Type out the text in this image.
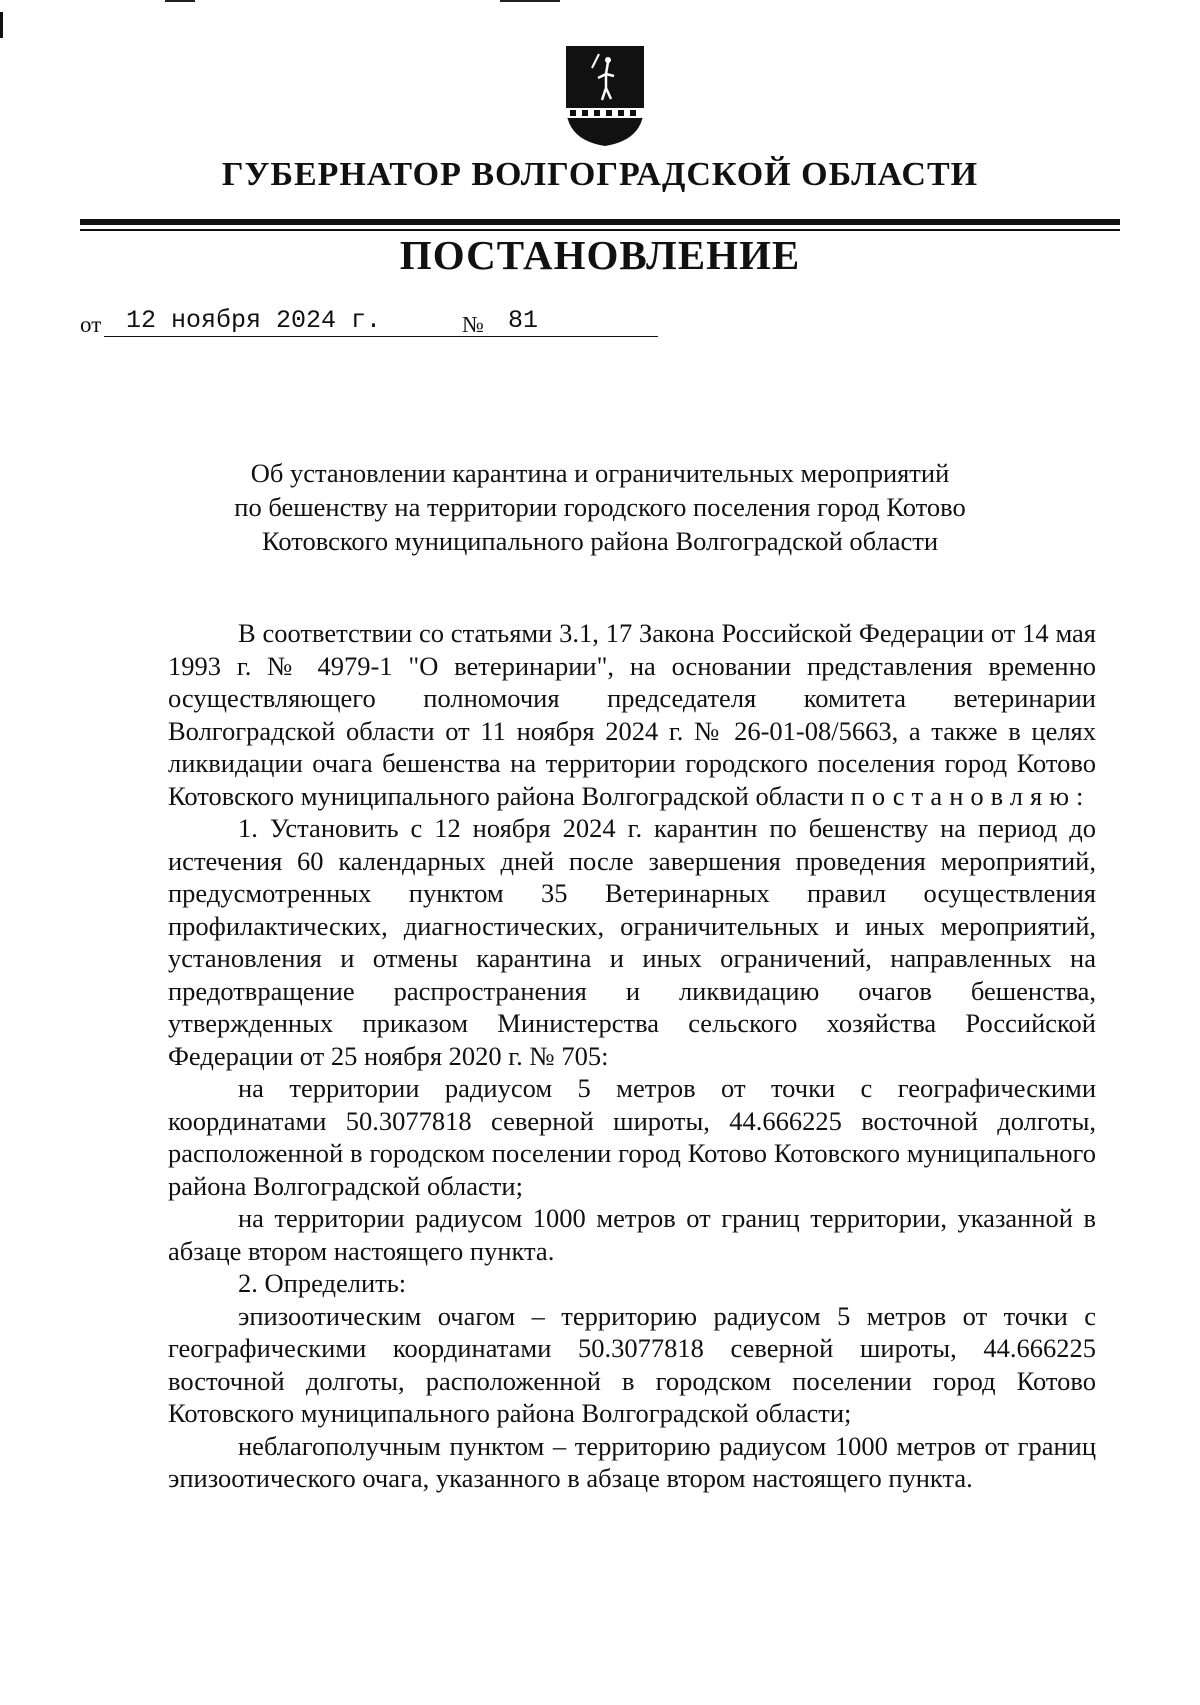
ГУБЕРНАТОР ВОЛГОГРАДСКОЙ ОБЛАСТИ
ПОСТАНОВЛЕНИЕ
от 12 ноября 2024 г.	№ 81
Об установлении карантина и ограничительных мероприятий
по бешенству на территории городского поселения город Котово
Котовского муниципального района Волгоградской области

В соответствии со статьями 3.1, 17 Закона Российской Федерации от 14 мая 1993 г. № 4979-1 "О ветеринарии", на основании представления временно осуществляющего полномочия председателя комитета ветеринарии Волгоградской области от 11 ноября 2024 г. № 26-01-08/5663, а также в целях ликвидации очага бешенства на территории городского поселения город Котово Котовского муниципального района Волгоградской области постановляю:

1. Установить с 12 ноября 2024 г. карантин по бешенству на период до истечения 60 календарных дней после завершения проведения мероприятий, предусмотренных пунктом 35 Ветеринарных правил осуществления профилактических, диагностических, ограничительных и иных мероприятий, установления и отмены карантина и иных ограничений, направленных на предотвращение распространения и ликвидацию очагов бешенства, утвержденных приказом Министерства сельского хозяйства Российской Федерации от 25 ноября 2020 г. № 705:

на территории радиусом 5 метров от точки с географическими координатами 50.3077818 северной широты, 44.666225 восточной долготы, расположенной в городском поселении город Котово Котовского муниципального района Волгоградской области;

на территории радиусом 1000 метров от границ территории, указанной в абзаце втором настоящего пункта.

2. Определить:

эпизоотическим очагом – территорию радиусом 5 метров от точки с географическими координатами 50.3077818 северной широты, 44.666225 восточной долготы, расположенной в городском поселении город Котово Котовского муниципального района Волгоградской области;

неблагополучным пунктом – территорию радиусом 1000 метров от границ эпизоотического очага, указанного в абзаце втором настоящего пункта.
